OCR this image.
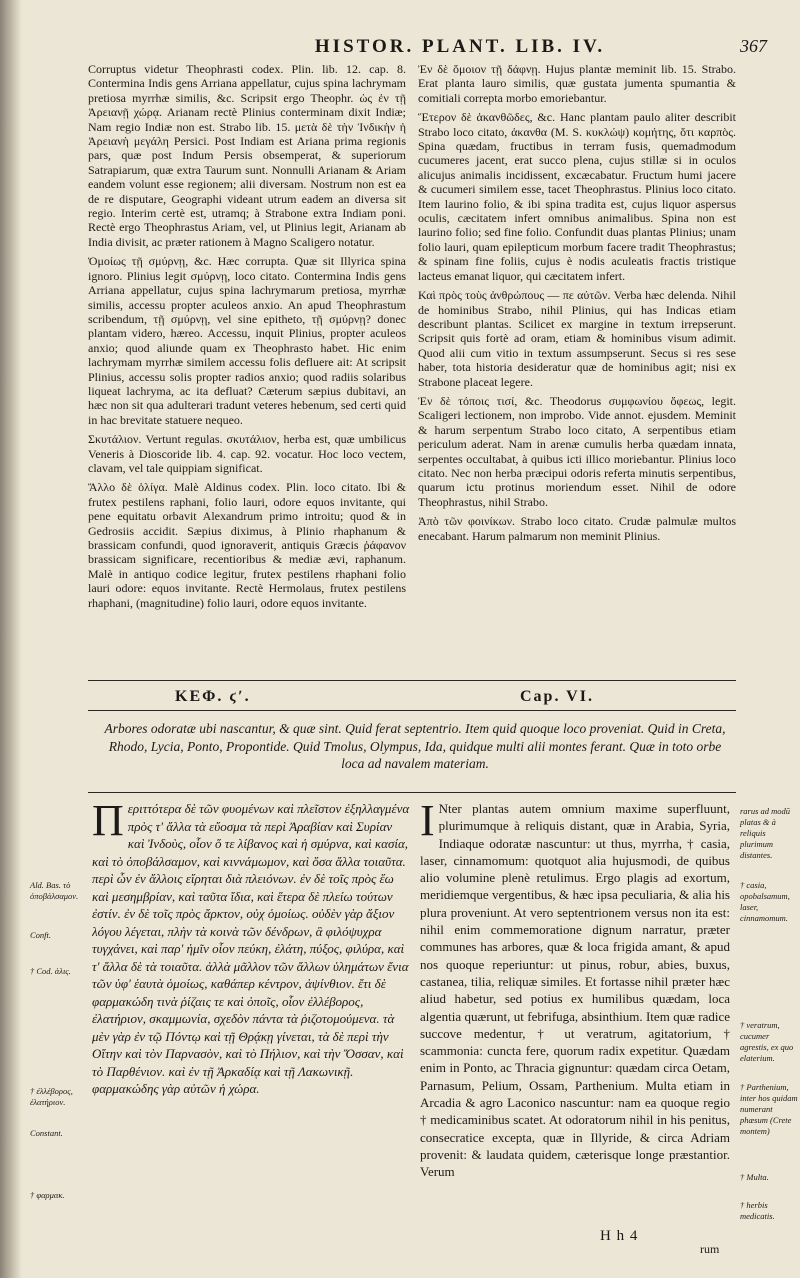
HISTOR. PLANT. LIB. IV.	367

Corruptus videtur Theophrasti codex. Plin. lib. 12. cap. 8. Contermina Indis gens Arriana appellatur, cujus spina lachrymam pretiosa myrrhæ similis, &c. Scripsit ergo Theophr. ὡς ἐν τῇ Ἀρειανῇ χώρᾳ. Arianam rectè Plinius conterminam dixit Indiæ; Nam regio Indiæ non est. Strabo lib. 15. μετὰ δὲ τὴν Ἰνδικὴν ἡ Ἀρειανὴ μεγάλη Persici. Post Indiam est Ariana prima regionis pars, quæ post Indum Persis obsemperat, & superiorum Satrapiarum, quæ extra Taurum sunt. Nonnulli Arianam & Ariam eandem volunt esse regionem; alii diversam. Nostrum non est ea de re disputare, Geographi videant utrum eadem an diversa sit regio. Interim certè est, utramq; à Strabone extra Indiam poni. Rectè ergo Theophrastus Ariam, vel, ut Plinius legit, Arianam ab India divisit, ac præter rationem à Magno Scaligero notatur.

Ὁμοίως τῇ σμύρνῃ, &c. Hæc corrupta. Quæ sit Illyrica spina ignoro. Plinius legit σμύρνῃ, loco citato. Contermina Indis gens Arriana appellatur, cujus spina lachrymarum pretiosa, myrrhæ similis, accessu propter aculeos anxio. An apud Theophrastum scribendum, τῇ σμύρνῃ, vel sine epitheto, τῇ σμύρνῃ? donec plantam videro, hæreo. Accessu, inquit Plinius, propter aculeos anxio; quod aliunde quam ex Theophrasto habet. Hic enim lachrymam myrrhæ similem accessu folis defluere ait: At scripsit Plinius, accessu solis propter radios anxio; quod radiis solaribus liqueat lachryma, ac ita defluat? Cæterum sæpius dubitavi, an hæc non sit qua adulterari tradunt veteres hebenum, sed certi quid in hac brevitate statuere nequeo.

Σκυτάλιον. Vertunt regulas. σκυτάλιον, herba est, quæ umbilicus Veneris à Dioscoride lib. 4. cap. 92. vocatur. Hoc loco vectem, clavam, vel tale quippiam significat.

Ἄλλο δὲ ὀλίγα. Malè Aldinus codex. Plin. loco citato. Ibi & frutex pestilens raphani, folio lauri, odore equos invitante, qui pene equitatu orbavit Alexandrum primo introitu; quod & in Gedrosiis accidit. Sæpius diximus, à Plinio rhaphanum & brassicam confundi, quod ignoraverit, antiquis Græcis ῥάφανον brassicam significare, recentioribus & mediæ ævi, raphanum. Malè in antiquo codice legitur, frutex pestilens rhaphani folio lauri odore: equos invitante. Rectè Hermolaus, frutex pestilens rhaphani, (magnitudine) folio lauri, odore equos invitante.

Ἐν δὲ ὅμοιον τῇ δάφνῃ. Hujus plantæ meminit lib. 15. Strabo. Erat planta lauro similis, quæ gustata jumenta spumantia & comitiali correpta morbo emoriebantur.

Ἕτερον δὲ ἀκανθῶδες, &c. Hanc plantam paulo aliter describit Strabo loco citato, ἀκανθα (M. S. κυκλώψ) κομήτης, ὅτι καρπὸς. Spina quædam, fructibus in terram fusis, quemadmodum cucumeres jacent, erat succo plena, cujus stillæ si in oculos alicujus animalis incidissent, excæcabatur. Fructum humi jacere & cucumeri similem esse, tacet Theophrastus. Plinius loco citato. Item laurino folio, & ibi spina tradita est, cujus liquor aspersus oculis, cæcitatem infert omnibus animalibus. Spina non est laurino folio; sed fine folio. Confundit duas plantas Plinius; unam folio lauri, quam epilepticum morbum facere tradit Theophrastus; & spinam fine foliis, cujus è nodis aculeatis fractis tristique lacteus emanat liquor, qui cæcitatem infert.

Καὶ πρὸς τοὺς ἀνθρώπους — πε αὐτῶν. Verba hæc delenda. Nihil de hominibus Strabo, nihil Plinius, qui has Indicas etiam describunt plantas. Scilicet ex margine in textum irrepserunt. Scripsit quis fortè ad oram, etiam & hominibus visum adimit. Quod alii cum vitio in textum assumpserunt. Secus si res sese haber, tota historia desideratur quæ de hominibus agit; nisi ex Strabone placeat legere.

Ἐν δὲ τόποις τισί, &c. Theodorus συμφωνίου ὄφεως, legit. Scaligeri lectionem, non improbo. Vide annot. ejusdem. Meminit & harum serpentum Strabo loco citato, A serpentibus etiam periculum aderat. Nam in arenæ cumulis herba quædam innata, serpentes occultabat, à quibus icti illico moriebantur. Plinius loco citato. Nec non herba præcipui odoris referta minutis serpentibus, quarum ictu protinus moriendum esset. Nihil de odore Theophrastus, nihil Strabo.

Ἀπὸ τῶν φοινίκων. Strabo loco citato. Crudæ palmulæ multos enecabant. Harum palmarum non meminit Plinius.

ΚΕΦ. ϛʹ.	Cap. VI.
Arbores odoratæ ubi nascantur, & quæ sint. Quid ferat septentrio. Item quid quoque loco proveniat. Quid in Creta, Rhodo, Lycia, Ponto, Propontide. Quid Tmolus, Olympus, Ida, quidque multi alii montes ferant. Quæ in toto orbe loca ad navalem materiam.
Π εριττότερα δὲ τῶν φυομένων καὶ πλεῖστον ἐξηλλαγμένα πρὸς τ' ἄλλα τὰ εὔοσμα τὰ περὶ Ἀραβίαν καὶ Συρίαν καὶ Ἰνδοὺς, οἷον ὅ τε λίβανος καὶ ἡ σμύρνα, καὶ κασία, καὶ τὸ ὀποβάλσαμον, καὶ κιννάμωμον, καὶ ὅσα ἄλλα τοιαῦτα. περὶ ὧν ἐν ἄλλοις εἴρηται διὰ πλειόνων. ἐν δὲ τοῖς πρὸς ἕω καὶ μεσημβρίαν, καὶ ταῦτα ἴδια, καὶ ἕτερα δὲ πλείω τούτων ἐστίν. ἐν δὲ τοῖς πρὸς ἄρκτον, οὐχ ὁμοίως. οὐδὲν γὰρ ἄξιον λόγου λέγεται, πλὴν τὰ κοινὰ τῶν δένδρων, ἃ φιλόψυχρα τυγχάνει, καὶ παρ' ἡμῖν οἷον πεύκη, ἐλάτη, πύξος, φιλύρα, καὶ τ' ἄλλα δὲ τὰ τοιαῦτα. ἀλλὰ μᾶλλον τῶν ἄλλων ὑλημάτων ἔνια τῶν ὑφ' ἑαυτὰ ὁμοίως, καθάπερ κέντρον, ἀψίνθιον. ἔτι δὲ φαρμακώδη τινὰ ῥίζαις τε καὶ ὀποῖς, οἷον ἐλλέβορος, ἐλατήριον, σκαμμωνία, σχεδὸν πάντα τὰ ῥιζοτομούμενα. τὰ μὲν γὰρ ἐν τῷ Πόντῳ καὶ τῇ Θρᾴκῃ γίνεται, τὰ δὲ περὶ τὴν Οἴτην καὶ τὸν Παρνασὸν, καὶ τὸ Πήλιον, καὶ τὴν Ὄσσαν, καὶ τὸ Παρθένιον. καὶ ἐν τῇ Ἀρκαδίᾳ καὶ τῇ Λακωνικῇ. φαρμακώδης γὰρ αὐτῶν ἡ χώρα.
I Nter plantas autem omnium maxime superfluunt, plurimumque à reliquis distant, quæ in Arabia, Syria, Indiaque odoratæ nascuntur: ut thus, myrrha, † casia, laser, cinnamomum: quotquot alia hujusmodi, de quibus alio volumine plenè retulimus. Ergo plagis ad exortum, meridiemque vergentibus, & hæc ipsa peculiaria, & alia his plura proveniunt. At vero septentrionem versus non ita est: nihil enim commemoratione dignum narratur, præter communes has arbores, quæ & loca frigida amant, & apud nos quoque reperiuntur: ut pinus, robur, abies, buxus, castanea, tilia, reliquæ similes. Et fortasse nihil præter hæc aliud habetur, sed potius ex humilibus quædam, loca algentia quærunt, ut febrifuga, absinthium. Item quæ radice succove medentur, † ut veratrum, agitatorium, † scammonia: cuncta fere, quorum radix expetitur. Quædam enim in Ponto, ac Thracia gignuntur: quædam circa Oetam, Parnasum, Pelium, Ossam, Parthenium. Multa etiam in Arcadia & agro Laconico nascuntur: nam ea quoque regio † medicaminibus scatet. At odoratorum nihil in his penitus, consecratice excepta, quæ in Illyride, & circa Adriam provenit: & laudata quidem, cæterisque longe præstantior. Verum
Ald. Bas. τὸ ὀποβάλσαμον.
Conft.
† Cod. ἀλις.
† ἐλλέβορος, ἐλατήριον.
Constant.
† φαρμακ.
rarus ad modū platas & à reliquis plurimum distantes.
† casia, opobalsamum, laser, cinnamomum.
† veratrum, cucumer agrestis, ex quo elaterium.
† Parthenium, inter hos quidam numerant phæsum (Crete montem)
† Multa.
† herbis medicatis.
H h 4
rum
